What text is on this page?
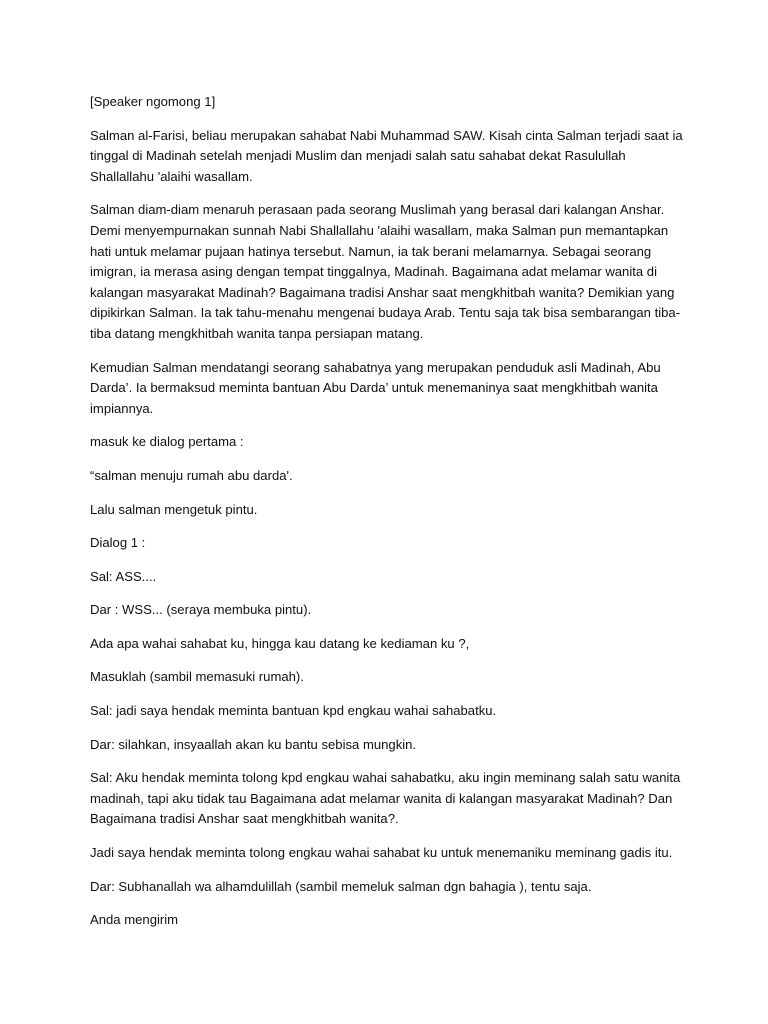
[Speaker ngomong 1]

Salman al-Farisi, beliau merupakan sahabat Nabi Muhammad SAW. Kisah cinta Salman terjadi saat ia tinggal di Madinah setelah menjadi Muslim dan menjadi salah satu sahabat dekat Rasulullah Shallallahu 'alaihi wasallam.

Salman diam-diam menaruh perasaan pada seorang Muslimah yang berasal dari kalangan Anshar. Demi menyempurnakan sunnah Nabi Shallallahu 'alaihi wasallam, maka Salman pun memantapkan hati untuk melamar pujaan hatinya tersebut. Namun, ia tak berani melamarnya. Sebagai seorang imigran, ia merasa asing dengan tempat tinggalnya, Madinah. Bagaimana adat melamar wanita di kalangan masyarakat Madinah? Bagaimana tradisi Anshar saat mengkhitbah wanita? Demikian yang dipikirkan Salman. Ia tak tahu-menahu mengenai budaya Arab. Tentu saja tak bisa sembarangan tiba-tiba datang mengkhitbah wanita tanpa persiapan matang.

Kemudian Salman mendatangi seorang sahabatnya yang merupakan penduduk asli Madinah, Abu Darda’. Ia bermaksud meminta bantuan Abu Darda’ untuk menemaninya saat mengkhitbah wanita impiannya.

masuk ke dialog pertama :

“salman menuju rumah abu darda'.

Lalu salman mengetuk pintu.

Dialog 1 :

Sal: ASS....

Dar : WSS... (seraya membuka pintu).

Ada apa wahai sahabat ku, hingga kau datang ke kediaman ku ?,

Masuklah (sambil memasuki rumah).

Sal: jadi saya hendak meminta bantuan kpd engkau wahai sahabatku.

Dar: silahkan, insyaallah akan ku bantu sebisa mungkin.

Sal: Aku hendak meminta tolong kpd engkau wahai sahabatku, aku ingin meminang salah satu wanita madinah, tapi aku tidak tau Bagaimana adat melamar wanita di kalangan masyarakat Madinah? Dan Bagaimana tradisi Anshar saat mengkhitbah wanita?.

Jadi saya hendak meminta tolong engkau wahai sahabat ku untuk menemaniku meminang gadis itu.

Dar: Subhanallah wa alhamdulillah (sambil memeluk salman dgn bahagia ), tentu saja.

Anda mengirim
